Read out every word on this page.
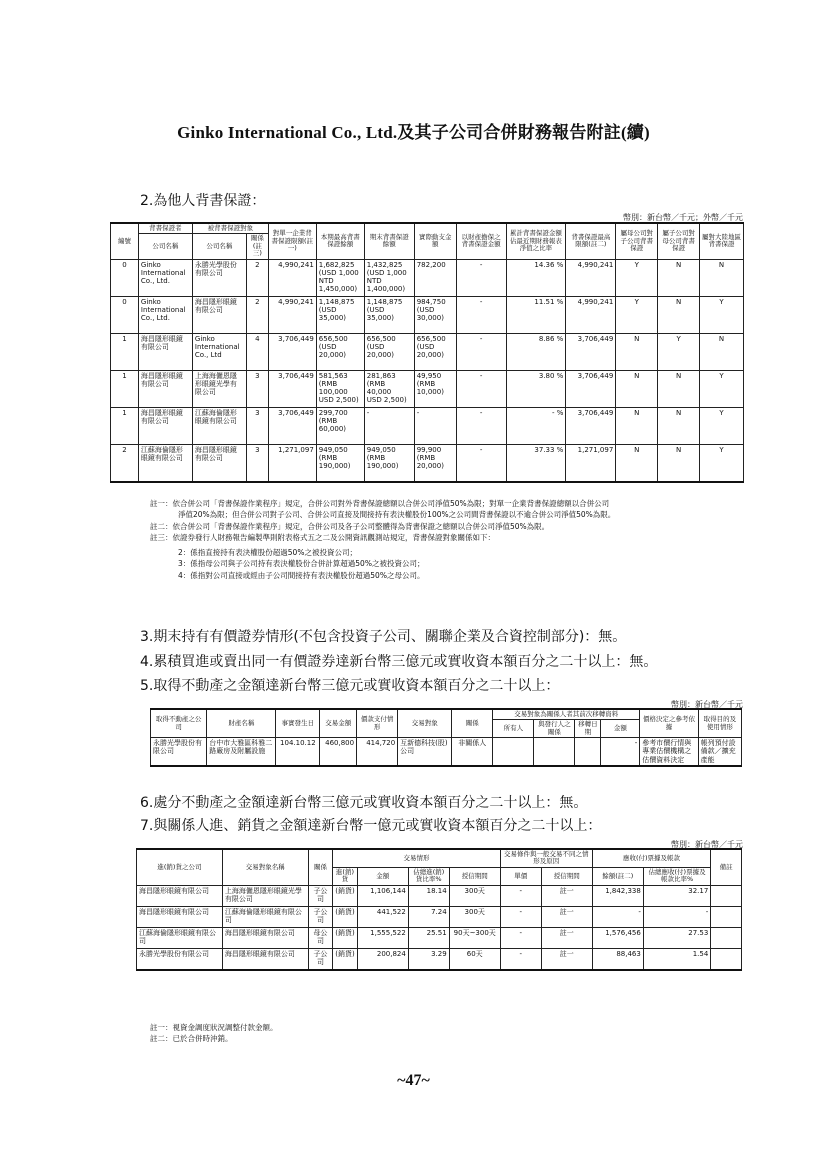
Ginko International Co., Ltd.及其子公司合併財務報告附註(續)
2.為他人背書保證：
幣別：新台幣／千元；外幣／千元
編號	背書保證者	被背書保證對象		對單一企業背書保證限額(註一)	本期最高背書保證餘額	期末背書保證餘額	實際動支金額	以財產擔保之背書保證金額	累計背書保證金額佔最近期財務報表淨值之比率	背書保證最高限額(註二)	屬母公司對子公司背書保證	屬子公司對母公司背書保證	屬對大陸地區背書保證
	公司名稱	公司名稱	關係(註三)										
0	Ginko International Co., Ltd.	永勝光學股份有限公司	2	4,990,241	1,682,825
(USD 1,000
NTD
1,450,000)	1,432,825
(USD 1,000
NTD
1,400,000)	782,200	-	14.36 %	4,990,241	Y	N	N
0	Ginko International Co., Ltd.	海昌隱形眼鏡有限公司	2	4,990,241	1,148,875
(USD
35,000)	1,148,875
(USD
35,000)	984,750
(USD
30,000)	-	11.51 %	4,990,241	Y	N	Y
1	海昌隱形眼鏡有限公司	Ginko International Co., Ltd	4	3,706,449	656,500
(USD
20,000)	656,500
(USD
20,000)	656,500
(USD
20,000)	-	8.86 %	3,706,449	N	Y	N
1	海昌隱形眼鏡有限公司	上海海儷恩隱形眼鏡光學有限公司	3	3,706,449	581,563
(RMB
100,000
USD 2,500)	281,863
(RMB
40,000
USD 2,500)	49,950
(RMB
10,000)	-	3.80 %	3,706,449	N	N	Y
1	海昌隱形眼鏡有限公司	江蘇海倫隱形眼鏡有限公司	3	3,706,449	299,700
(RMB
60,000)	-	-	-	- %	3,706,449	N	N	Y
2	江蘇海倫隱形眼鏡有限公司	海昌隱形眼鏡有限公司	3	1,271,097	949,050
(RMB
190,000)	949,050
(RMB
190,000)	99,900
(RMB
20,000)	-	37.33 %	1,271,097	N	N	Y
註一：依合併公司「背書保證作業程序」規定，合併公司對外背書保證總額以合併公司淨值50%為限；對單一企業背書保證總額以合併公司
淨值20%為限；但合併公司對子公司、合併公司直接及間接持有表決權股份100%之公司間背書保證以不逾合併公司淨值50%為限。
註二：依合併公司「背書保證作業程序」規定，合併公司及各子公司整體得為背書保證之總額以合併公司淨值50%為限。
註三：依證券發行人財務報告編製準則附表格式五之二及公開資訊觀測站規定，背書保證對象關係如下：
2：係指直接持有表決權股份超過50%之被投資公司；
3：係指母公司與子公司持有表決權股份合併計算超過50%之被投資公司；
4：係指對公司直接或經由子公司間接持有表決權股份超過50%之母公司。
3.期末持有有價證券情形(不包含投資子公司、關聯企業及合資控制部分)：無。
4.累積買進或賣出同一有價證券達新台幣三億元或實收資本額百分之二十以上：無。
5.取得不動產之金額達新台幣三億元或實收資本額百分之二十以上：
幣別：新台幣／千元
取得不動產之公司	財產名稱	事實發生日	交易金額	價款支付情形	交易對象	關係	交易對象為關係人者其前次移轉資料				價格決定之參考依據	取得目的及使用情形
							所有人	與發行人之關係	移轉日期	金額		
永勝光學股份有限公司	台中市大雅區科雅二路廠房及附屬設施	104.10.12	460,800	414,720	互新德科技(股)公司	非關係人				-	參考市價行情與專業估價機構之估價資料決定	帳列預付設備款／擴充產能
6.處分不動產之金額達新台幣三億元或實收資本額百分之二十以上：無。
7.與關係人進、銷貨之金額達新台幣一億元或實收資本額百分之二十以上：
幣別：新台幣／千元
進(銷)貨之公司	交易對象名稱	關係	交易情形				交易條件與一般交易不同之情形及原因		應收(付)票據及帳款		備註
			進(銷)貨	金額	佔總進(銷)貨比率%	授信期間	單價	授信期間	餘額(註二)	佔總應收(付)票據及帳款比率%	
海昌隱形眼鏡有限公司	上海海儷恩隱形眼鏡光學有限公司	子公司	(銷貨)	1,106,144	18.14	300天	-	註一	1,842,338	32.17	
海昌隱形眼鏡有限公司	江蘇海倫隱形眼鏡有限公司	子公司	(銷貨)	441,522	7.24	300天	-	註一	-	-	
江蘇海倫隱形眼鏡有限公司	海昌隱形眼鏡有限公司	母公司	(銷貨)	1,555,522	25.51	90天~300天	-	註一	1,576,456	27.53	
永勝光學股份有限公司	海昌隱形眼鏡有限公司	子公司	(銷貨)	200,824	3.29	60天	-	註一	88,463	1.54	
註一：視資金調度狀況調整付款金額。
註二：已於合併時沖銷。
~47~
